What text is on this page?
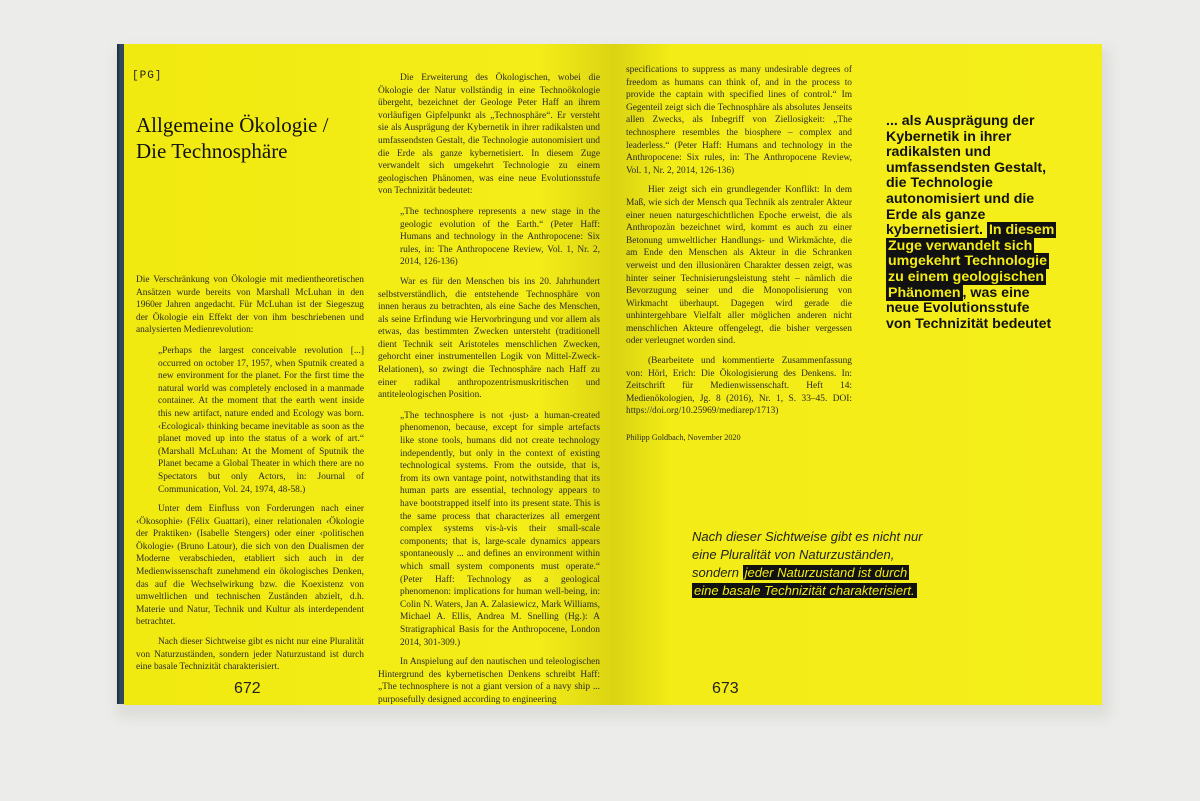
[PG]
Allgemeine Ökologie /
Die Technosphäre

Die Verschränkung von Ökologie mit medientheoretischen Ansätzen wurde bereits von Marshall McLuhan in den 1960er Jahren angedacht. Für McLuhan ist der Siegeszug der Ökologie ein Effekt der von ihm beschriebenen und analysierten Medienrevolution:

„Perhaps the largest conceivable revolution [...] occurred on october 17, 1957, when Sputnik created a new environment for the planet. For the first time the natural world was completely enclosed in a manmade container. At the moment that the earth went inside this new artifact, nature ended and Ecology was born. ‹Ecological› thinking became inevitable as soon as the planet moved up into the status of a work of art.“ (Marshall McLuhan: At the Moment of Sputnik the Planet became a Global Theater in which there are no Spectators but only Actors, in: Journal of Communication, Vol. 24, 1974, 48-58.)

Unter dem Einfluss von Forderungen nach einer ‹Ökosophie› (Félix Guattari), einer relationalen ‹Ökologie der Praktiken› (Isabelle Stengers) oder einer ‹politischen Ökologie› (Bruno Latour), die sich von den Dualismen der Moderne verabschieden, etabliert sich auch in der Medienwissenschaft zunehmend ein ökologisches Denken, das auf die Wechselwirkung bzw. die Koexistenz von umweltlichen und technischen Zuständen abzielt, d.h. Materie und Natur, Technik und Kultur als interdependent betrachtet.

Nach dieser Sichtweise gibt es nicht nur eine Pluralität von Naturzuständen, sondern jeder Naturzustand ist durch eine basale Technizität charakterisiert.

Die Erweiterung des Ökologischen, wobei die Ökologie der Natur vollständig in eine Technoökologie übergeht, bezeichnet der Geologe Peter Haff an ihrem vorläufigen Gipfelpunkt als „Technosphäre“. Er versteht sie als Ausprägung der Kybernetik in ihrer radikalsten und umfassendsten Gestalt, die Technologie autonomisiert und die Erde als ganze kybernetisiert. In diesem Zuge verwandelt sich umgekehrt Technologie zu einem geologischen Phänomen, was eine neue Evolutionsstufe von Technizität bedeutet:

„The technosphere represents a new stage in the geologic evolution of the Earth.“ (Peter Haff: Humans and technology in the Anthropocene: Six rules, in: The Anthropocene Review, Vol. 1, Nr. 2, 2014, 126-136)

War es für den Menschen bis ins 20. Jahrhundert selbstverständlich, die entstehende Technosphäre von innen heraus zu betrachten, als eine Sache des Menschen, als seine Erfindung wie Hervorbringung und vor allem als etwas, das bestimmten Zwecken untersteht (traditionell dient Technik seit Aristoteles menschlichen Zwecken, gehorcht einer instrumentellen Logik von Mittel-Zweck-Relationen), so zwingt die Technosphäre nach Haff zu einer radikal anthropozentrismuskritischen und antiteleologischen Position.

„The technosphere is not ‹just› a human-created phenomenon, because, except for simple artefacts like stone tools, humans did not create technology independently, but only in the context of existing technological systems. From the outside, that is, from its own vantage point, notwithstanding that its human parts are essential, technology appears to have bootstrapped itself into its present state. This is the same process that characterizes all emergent complex systems vis-à-vis their small-scale components; that is, large-scale dynamics appears spontaneously ... and defines an environment within which small system components must operate.“ (Peter Haff: Technology as a geological phenomenon: implications for human well-being, in: Colin N. Waters, Jan A. Zalasiewicz, Mark Williams, Michael A. Ellis, Andrea M. Snelling (Hg.): A Stratigraphical Basis for the Anthropocene, London 2014, 301-309.)

In Anspielung auf den nautischen und teleologischen Hintergrund des kybernetischen Denkens schreibt Haff: „The technosphere is not a giant version of a navy ship ... purposefully designed according to engineering

672

specifications to suppress as many undesirable degrees of freedom as humans can think of, and in the process to provide the captain with specified lines of control.“ Im Gegenteil zeigt sich die Technosphäre als absolutes Jenseits allen Zwecks, als Inbegriff von Ziellosigkeit: „The technosphere resembles the biosphere – complex and leaderless.“ (Peter Haff: Humans and technology in the Anthropocene: Six rules, in: The Anthropocene Review, Vol. 1, Nr. 2, 2014, 126-136)

Hier zeigt sich ein grundlegender Konflikt: In dem Maß, wie sich der Mensch qua Technik als zentraler Akteur einer neuen naturgeschichtlichen Epoche erweist, die als Anthropozän bezeichnet wird, kommt es auch zu einer Betonung umweltlicher Handlungs- und Wirkmächte, die am Ende den Menschen als Akteur in die Schranken verweist und den illusionären Charakter dessen zeigt, was hinter seiner Technisierungsleistung steht – nämlich die Bevorzugung seiner und die Monopolisierung von Wirkmacht überhaupt. Dagegen wird gerade die unhintergehbare Vielfalt aller möglichen anderen nicht menschlichen Akteure offengelegt, die bisher vergessen oder verleugnet worden sind.

(Bearbeitete und kommentierte Zusammenfassung von: Hörl, Erich: Die Ökologisierung des Denkens. In: Zeitschrift für Medienwissenschaft. Heft 14: Medienökologien, Jg. 8 (2016), Nr. 1, S. 33–45. DOI: https://doi.org/10.25969/mediarep/1713)

Philipp Goldbach, November 2020

... als Ausprägung der Kybernetik in ihrer radikalsten und umfassendsten Gestalt, die Technologie autonomisiert und die Erde als ganze kybernetisiert. In diesem Zuge verwandelt sich umgekehrt Technologie zu einem geologischen Phänomen , was eine neue Evolutionsstufe von Technizität bedeutet
Nach dieser Sichtweise gibt es nicht nur eine Pluralität von Naturzuständen, sondern jeder Naturzustand ist durch eine basale Technizität charakterisiert.
673
